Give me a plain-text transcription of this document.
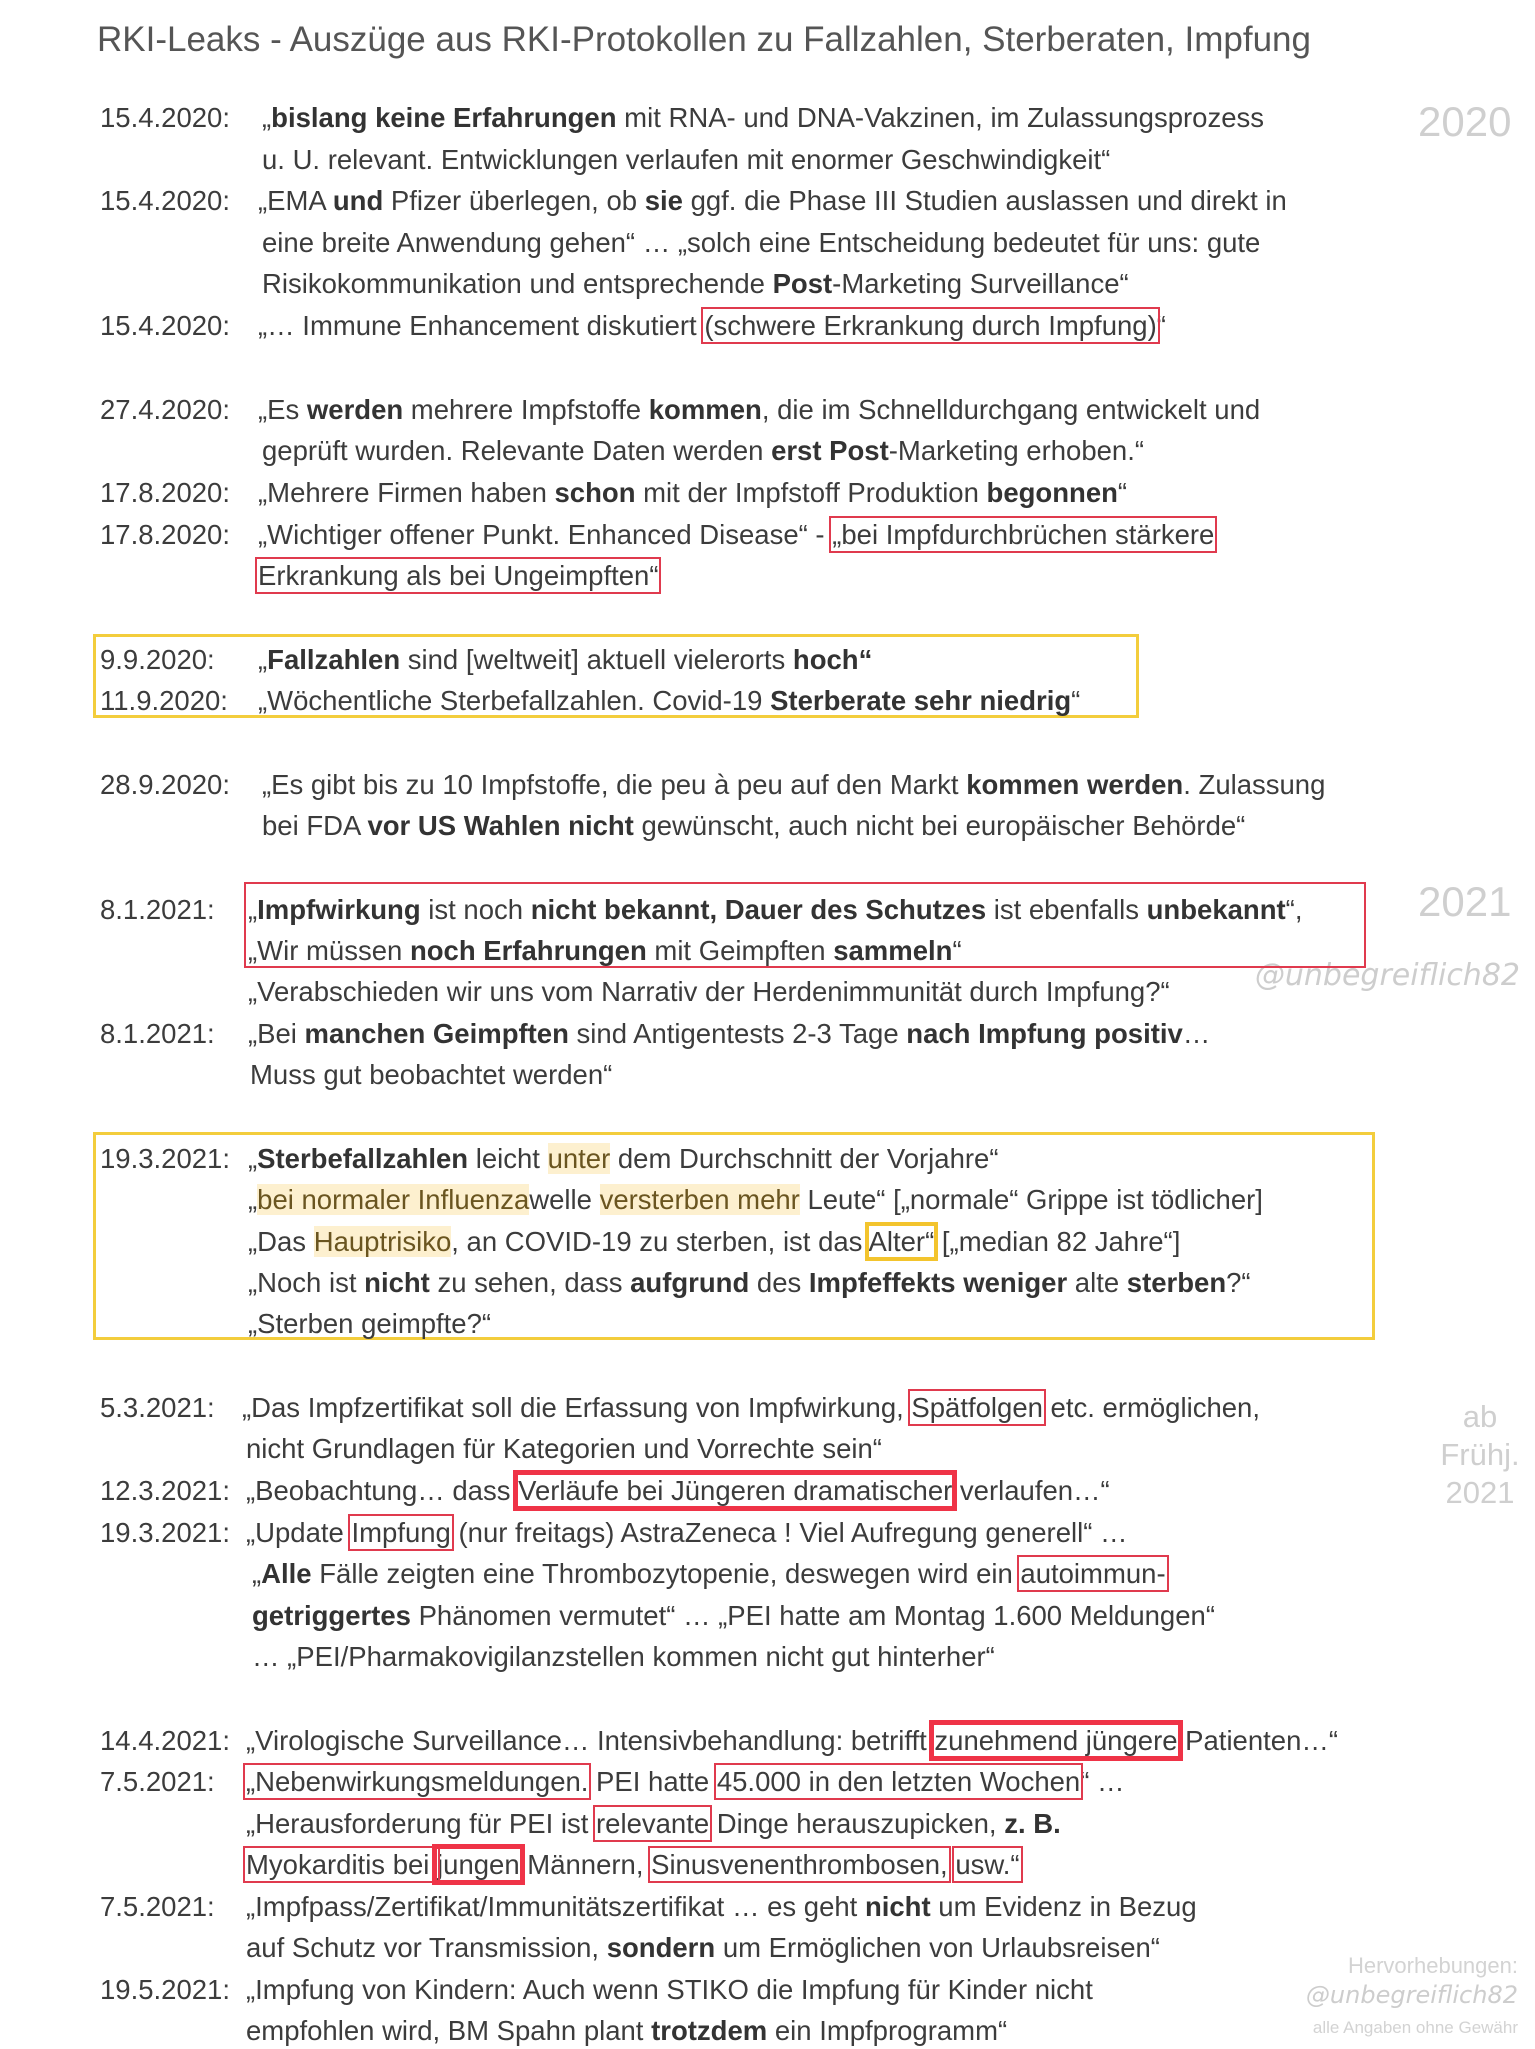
RKI-Leaks - Auszüge aus RKI-Protokollen zu Fallzahlen, Sterberaten, Impfung
2020
2021
@unbegreiflich82
ab
Frühj.
2021
Hervorhebungen:
@unbegreiflich82
alle Angaben ohne Gewähr
15.4.2020: „bislang keine Erfahrungen mit RNA- und DNA-Vakzinen, im Zulassungsprozess
u. U. relevant. Entwicklungen verlaufen mit enormer Geschwindigkeit“
15.4.2020: „EMA und Pfizer überlegen, ob sie ggf. die Phase III Studien auslassen und direkt in
eine breite Anwendung gehen“ … „solch eine Entscheidung bedeutet für uns: gute
Risikokommunikation und entsprechende Post-Marketing Surveillance“
15.4.2020: „… Immune Enhancement diskutiert (schwere Erkrankung durch Impfung)“
27.4.2020: „Es werden mehrere Impfstoffe kommen, die im Schnelldurchgang entwickelt und
geprüft wurden. Relevante Daten werden erst Post-Marketing erhoben.“
17.8.2020: „Mehrere Firmen haben schon mit der Impfstoff Produktion begonnen“
17.8.2020: „Wichtiger offener Punkt. Enhanced Disease“ - „bei Impfdurchbrüchen stärkere
Erkrankung als bei Ungeimpften“
9.9.2020: „Fallzahlen sind [weltweit] aktuell vielerorts hoch“
11.9.2020: „Wöchentliche Sterbefallzahlen. Covid-19 Sterberate sehr niedrig“
28.9.2020: „Es gibt bis zu 10 Impfstoffe, die peu à peu auf den Markt kommen werden. Zulassung
bei FDA vor US Wahlen nicht gewünscht, auch nicht bei europäischer Behörde“
8.1.2021: „Impfwirkung ist noch nicht bekannt, Dauer des Schutzes ist ebenfalls unbekannt“,
„Wir müssen noch Erfahrungen mit Geimpften sammeln“
„Verabschieden wir uns vom Narrativ der Herdenimmunität durch Impfung?“
8.1.2021: „Bei manchen Geimpften sind Antigentests 2-3 Tage nach Impfung positiv…
Muss gut beobachtet werden“
19.3.2021: „Sterbefallzahlen leicht unter dem Durchschnitt der Vorjahre“
„bei normaler Influenzawelle versterben mehr Leute“ [„normale“ Grippe ist tödlicher]
„Das Hauptrisiko, an COVID-19 zu sterben, ist das Alter“ [„median 82 Jahre“]
„Noch ist nicht zu sehen, dass aufgrund des Impfeffekts weniger alte sterben?“
„Sterben geimpfte?“
5.3.2021: „Das Impfzertifikat soll die Erfassung von Impfwirkung, Spätfolgen etc. ermöglichen,
nicht Grundlagen für Kategorien und Vorrechte sein“
12.3.2021: „Beobachtung… dass Verläufe bei Jüngeren dramatischer verlaufen…“
19.3.2021: „Update Impfung (nur freitags) AstraZeneca ! Viel Aufregung generell“ …
„Alle Fälle zeigten eine Thrombozytopenie, deswegen wird ein autoimmun-
getriggertes Phänomen vermutet“ … „PEI hatte am Montag 1.600 Meldungen“
… „PEI/Pharmakovigilanzstellen kommen nicht gut hinterher“
14.4.2021: „Virologische Surveillance… Intensivbehandlung: betrifft zunehmend jüngere Patienten…“
7.5.2021: „Nebenwirkungsmeldungen. PEI hatte 45.000 in den letzten Wochen“ …
„Herausforderung für PEI ist relevante Dinge herauszupicken, z. B.
Myokarditis bei jungen Männern, Sinusvenenthrombosen, usw.“
7.5.2021: „Impfpass/Zertifikat/Immunitätszertifikat … es geht nicht um Evidenz in Bezug
auf Schutz vor Transmission, sondern um Ermöglichen von Urlaubsreisen“
19.5.2021: „Impfung von Kindern: Auch wenn STIKO die Impfung für Kinder nicht
empfohlen wird, BM Spahn plant trotzdem ein Impfprogramm“
